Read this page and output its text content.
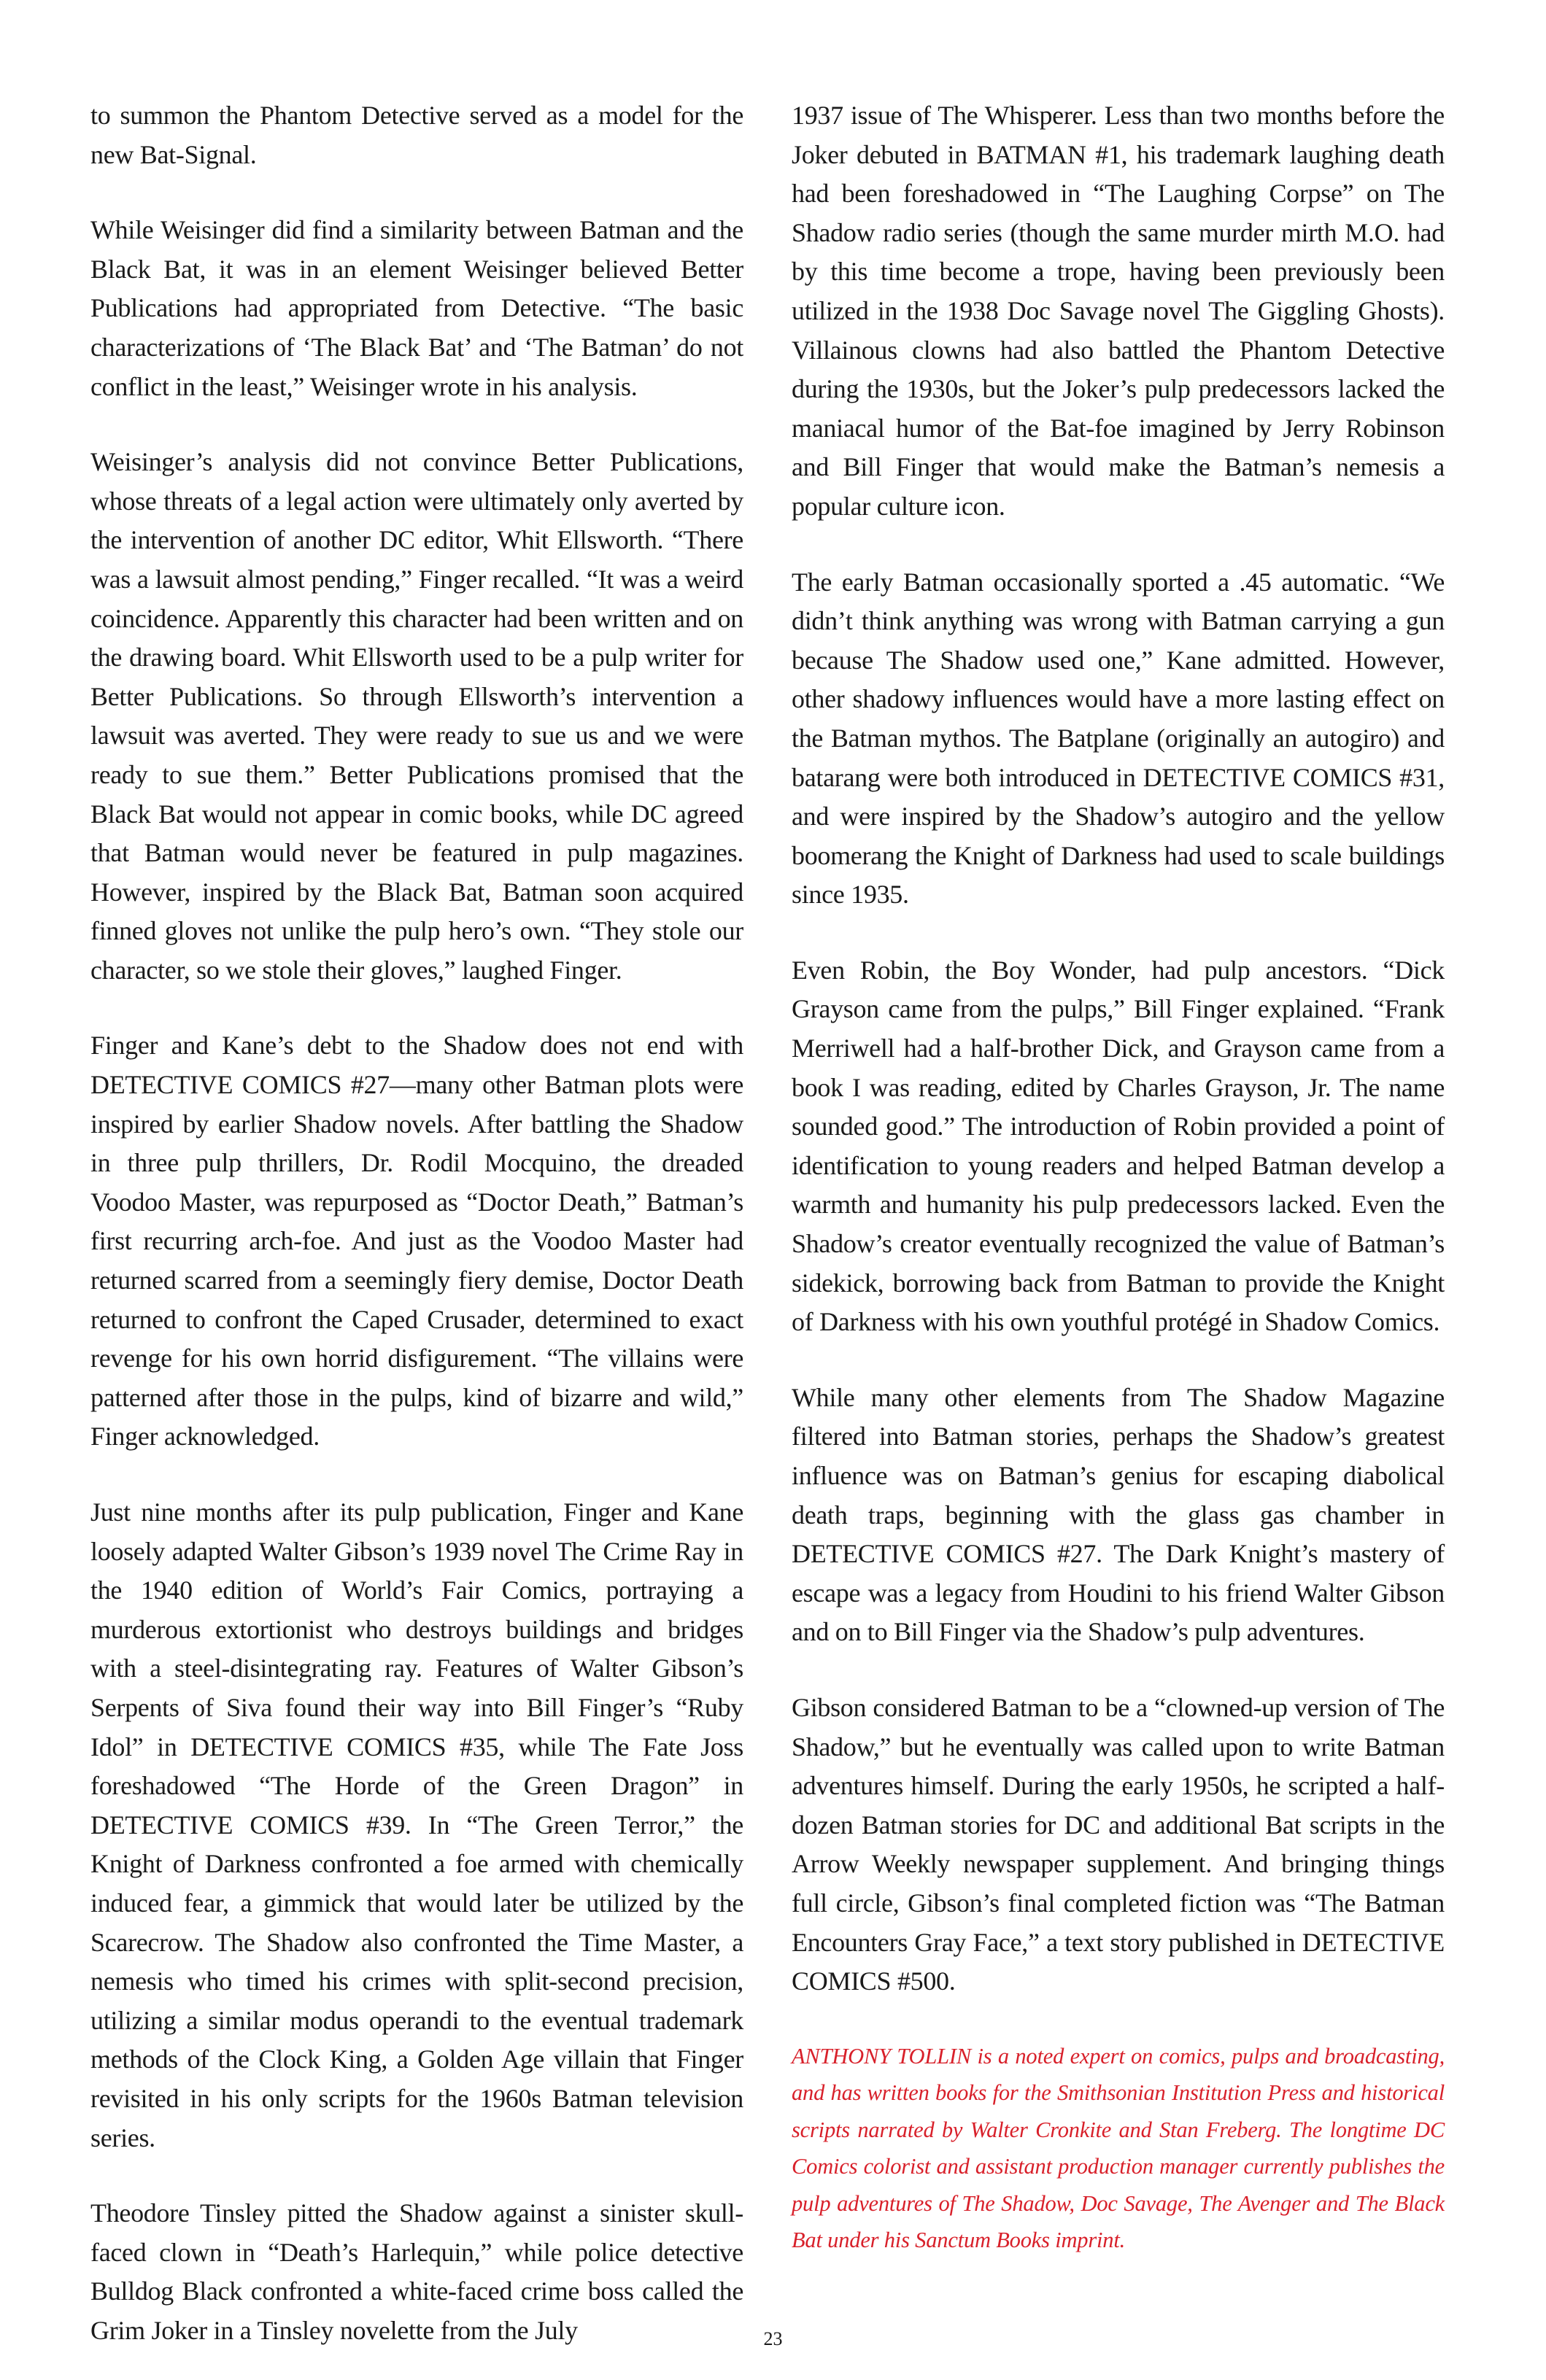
to summon the Phantom Detective served as a model for the new Bat-Signal.

While Weisinger did find a similarity between Batman and the Black Bat, it was in an element Weisinger believed Better Publications had appropriated from Detective. “The basic characterizations of ‘The Black Bat’ and ‘The Batman’ do not conflict in the least,” Weisinger wrote in his analysis.

Weisinger’s analysis did not convince Better Publications, whose threats of a legal action were ultimately only averted by the intervention of another DC editor, Whit Ellsworth. “There was a lawsuit almost pending,” Finger recalled. “It was a weird coincidence. Apparently this character had been written and on the drawing board. Whit Ellsworth used to be a pulp writer for Better Publications. So through Ellsworth’s intervention a lawsuit was averted. They were ready to sue us and we were ready to sue them.” Better Publications promised that the Black Bat would not appear in comic books, while DC agreed that Batman would never be featured in pulp magazines. However, inspired by the Black Bat, Batman soon acquired finned gloves not unlike the pulp hero’s own. “They stole our character, so we stole their gloves,” laughed Finger.

Finger and Kane’s debt to the Shadow does not end with DETECTIVE COMICS #27—many other Batman plots were inspired by earlier Shadow novels. After battling the Shadow in three pulp thrillers, Dr. Rodil Mocquino, the dreaded Voodoo Master, was repurposed as “Doctor Death,” Batman’s first recurring arch-foe. And just as the Voodoo Master had returned scarred from a seemingly fiery demise, Doctor Death returned to confront the Caped Crusader, determined to exact revenge for his own horrid disfigurement. “The villains were patterned after those in the pulps, kind of bizarre and wild,” Finger acknowledged.

Just nine months after its pulp publication, Finger and Kane loosely adapted Walter Gibson’s 1939 novel The Crime Ray in the 1940 edition of World’s Fair Comics, portraying a murderous extortionist who destroys buildings and bridges with a steel-disintegrating ray. Features of Walter Gibson’s Serpents of Siva found their way into Bill Finger’s “Ruby Idol” in DETECTIVE COMICS #35, while The Fate Joss foreshadowed “The Horde of the Green Dragon” in DETECTIVE COMICS #39. In “The Green Terror,” the Knight of Darkness confronted a foe armed with chemically induced fear, a gimmick that would later be utilized by the Scarecrow. The Shadow also confronted the Time Master, a nemesis who timed his crimes with split-second precision, utilizing a similar modus operandi to the eventual trademark methods of the Clock King, a Golden Age villain that Finger revisited in his only scripts for the 1960s Batman television series.

Theodore Tinsley pitted the Shadow against a sinister skull-faced clown in “Death’s Harlequin,” while police detective Bulldog Black confronted a white-faced crime boss called the Grim Joker in a Tinsley novelette from the July

1937 issue of The Whisperer. Less than two months before the Joker debuted in BATMAN #1, his trademark laughing death had been foreshadowed in “The Laughing Corpse” on The Shadow radio series (though the same murder mirth M.O. had by this time become a trope, having been previously been utilized in the 1938 Doc Savage novel The Giggling Ghosts). Villainous clowns had also battled the Phantom Detective during the 1930s, but the Joker’s pulp predecessors lacked the maniacal humor of the Bat-foe imagined by Jerry Robinson and Bill Finger that would make the Batman’s nemesis a popular culture icon.

The early Batman occasionally sported a .45 automatic. “We didn’t think anything was wrong with Batman carrying a gun because The Shadow used one,” Kane admitted. However, other shadowy influences would have a more lasting effect on the Batman mythos. The Batplane (originally an autogiro) and batarang were both introduced in DETECTIVE COMICS #31, and were inspired by the Shadow’s autogiro and the yellow boomerang the Knight of Darkness had used to scale buildings since 1935.

Even Robin, the Boy Wonder, had pulp ancestors. “Dick Grayson came from the pulps,” Bill Finger explained. “Frank Merriwell had a half-brother Dick, and Grayson came from a book I was reading, edited by Charles Grayson, Jr. The name sounded good.” The introduction of Robin provided a point of identification to young readers and helped Batman develop a warmth and humanity his pulp predecessors lacked. Even the Shadow’s creator eventually recognized the value of Batman’s sidekick, borrowing back from Batman to provide the Knight of Darkness with his own youthful protégé in Shadow Comics.

While many other elements from The Shadow Magazine filtered into Batman stories, perhaps the Shadow’s greatest influence was on Batman’s genius for escaping diabolical death traps, beginning with the glass gas chamber in DETECTIVE COMICS #27. The Dark Knight’s mastery of escape was a legacy from Houdini to his friend Walter Gibson and on to Bill Finger via the Shadow’s pulp adventures.

Gibson considered Batman to be a “clowned-up version of The Shadow,” but he eventually was called upon to write Batman adventures himself. During the early 1950s, he scripted a half-dozen Batman stories for DC and additional Bat scripts in the Arrow Weekly newspaper supplement. And bringing things full circle, Gibson’s final completed fiction was “The Batman Encounters Gray Face,” a text story published in DETECTIVE COMICS #500.

ANTHONY TOLLIN is a noted expert on comics, pulps and broadcasting, and has written books for the Smithsonian Institution Press and historical scripts narrated by Walter Cronkite and Stan Freberg. The longtime DC Comics colorist and assistant production manager currently publishes the pulp adventures of The Shadow, Doc Savage, The Avenger and The Black Bat under his Sanctum Books imprint.

23
